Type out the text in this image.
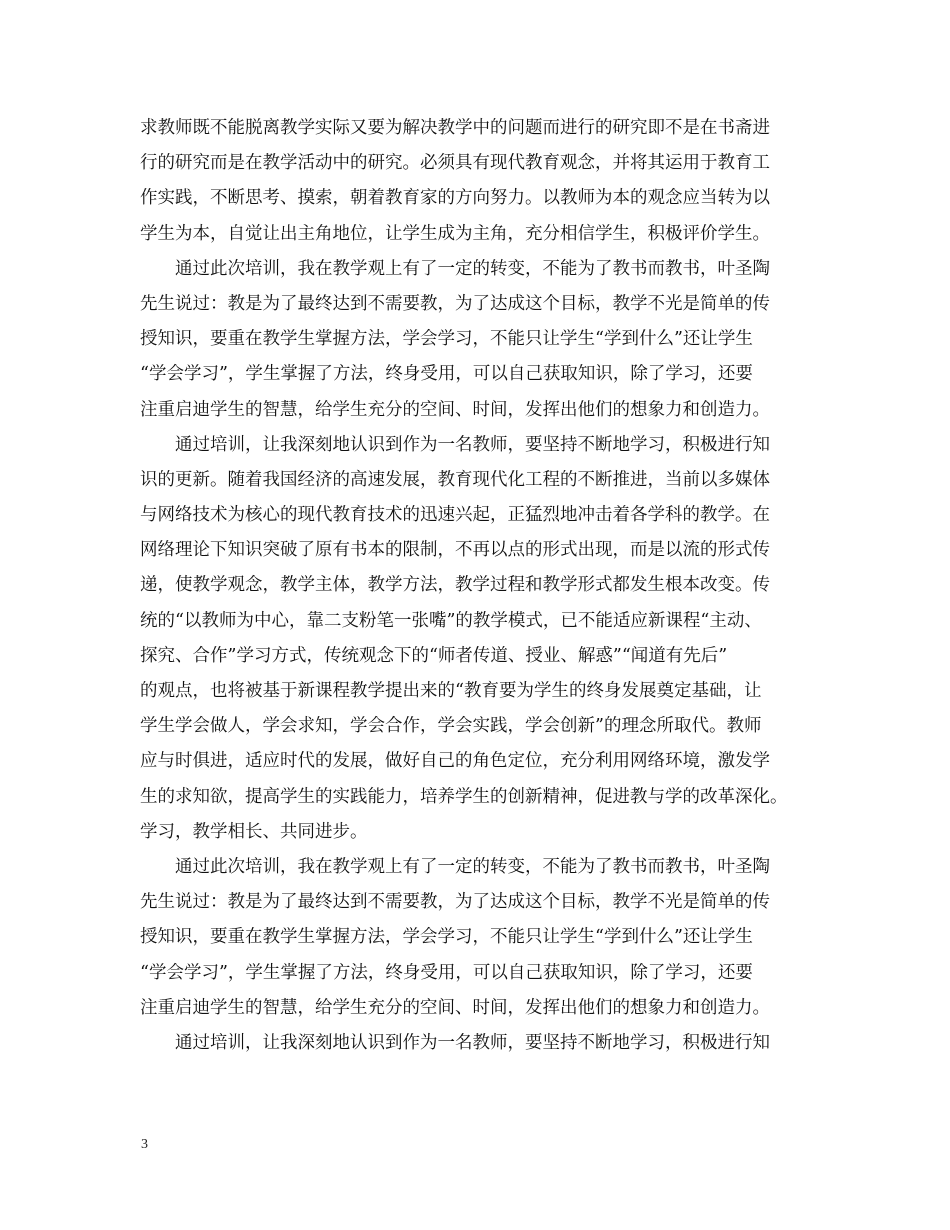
求教师既不能脱离教学实际又要为解决教学中的问题而进行的研究即不是在书斋进
行的研究而是在教学活动中的研究。必须具有现代教育观念，并将其运用于教育工
作实践，不断思考、摸索，朝着教育家的方向努力。以教师为本的观念应当转为以
学生为本，自觉让出主角地位，让学生成为主角，充分相信学生，积极评价学生。
通过此次培训，我在教学观上有了一定的转变，不能为了教书而教书，叶圣陶
先生说过：教是为了最终达到不需要教，为了达成这个目标，教学不光是简单的传
授知识，要重在教学生掌握方法，学会学习，不能只让学生“学到什么”还让学生
“学会学习”，学生掌握了方法，终身受用，可以自己获取知识，除了学习，还要
注重启迪学生的智慧，给学生充分的空间、时间，发挥出他们的想象力和创造力。
通过培训，让我深刻地认识到作为一名教师，要坚持不断地学习，积极进行知
识的更新。随着我国经济的高速发展，教育现代化工程的不断推进，当前以多媒体
与网络技术为核心的现代教育技术的迅速兴起，正猛烈地冲击着各学科的教学。在
网络理论下知识突破了原有书本的限制，不再以点的形式出现，而是以流的形式传
递，使教学观念，教学主体，教学方法，教学过程和教学形式都发生根本改变。传
统的“以教师为中心，靠二支粉笔一张嘴”的教学模式，已不能适应新课程“主动、
探究、合作”学习方式，传统观念下的“师者传道、授业、解惑”“闻道有先后”
的观点，也将被基于新课程教学提出来的“教育要为学生的终身发展奠定基础，让
学生学会做人，学会求知，学会合作，学会实践，学会创新”的理念所取代。教师
应与时俱进，适应时代的发展，做好自己的角色定位，充分利用网络环境，激发学
生的求知欲，提高学生的实践能力，培养学生的创新精神，促进教与学的改革深化。
学习，教学相长、共同进步。
通过此次培训，我在教学观上有了一定的转变，不能为了教书而教书，叶圣陶
先生说过：教是为了最终达到不需要教，为了达成这个目标，教学不光是简单的传
授知识，要重在教学生掌握方法，学会学习，不能只让学生“学到什么”还让学生
“学会学习”，学生掌握了方法，终身受用，可以自己获取知识，除了学习，还要
注重启迪学生的智慧，给学生充分的空间、时间，发挥出他们的想象力和创造力。
通过培训，让我深刻地认识到作为一名教师，要坚持不断地学习，积极进行知
3
